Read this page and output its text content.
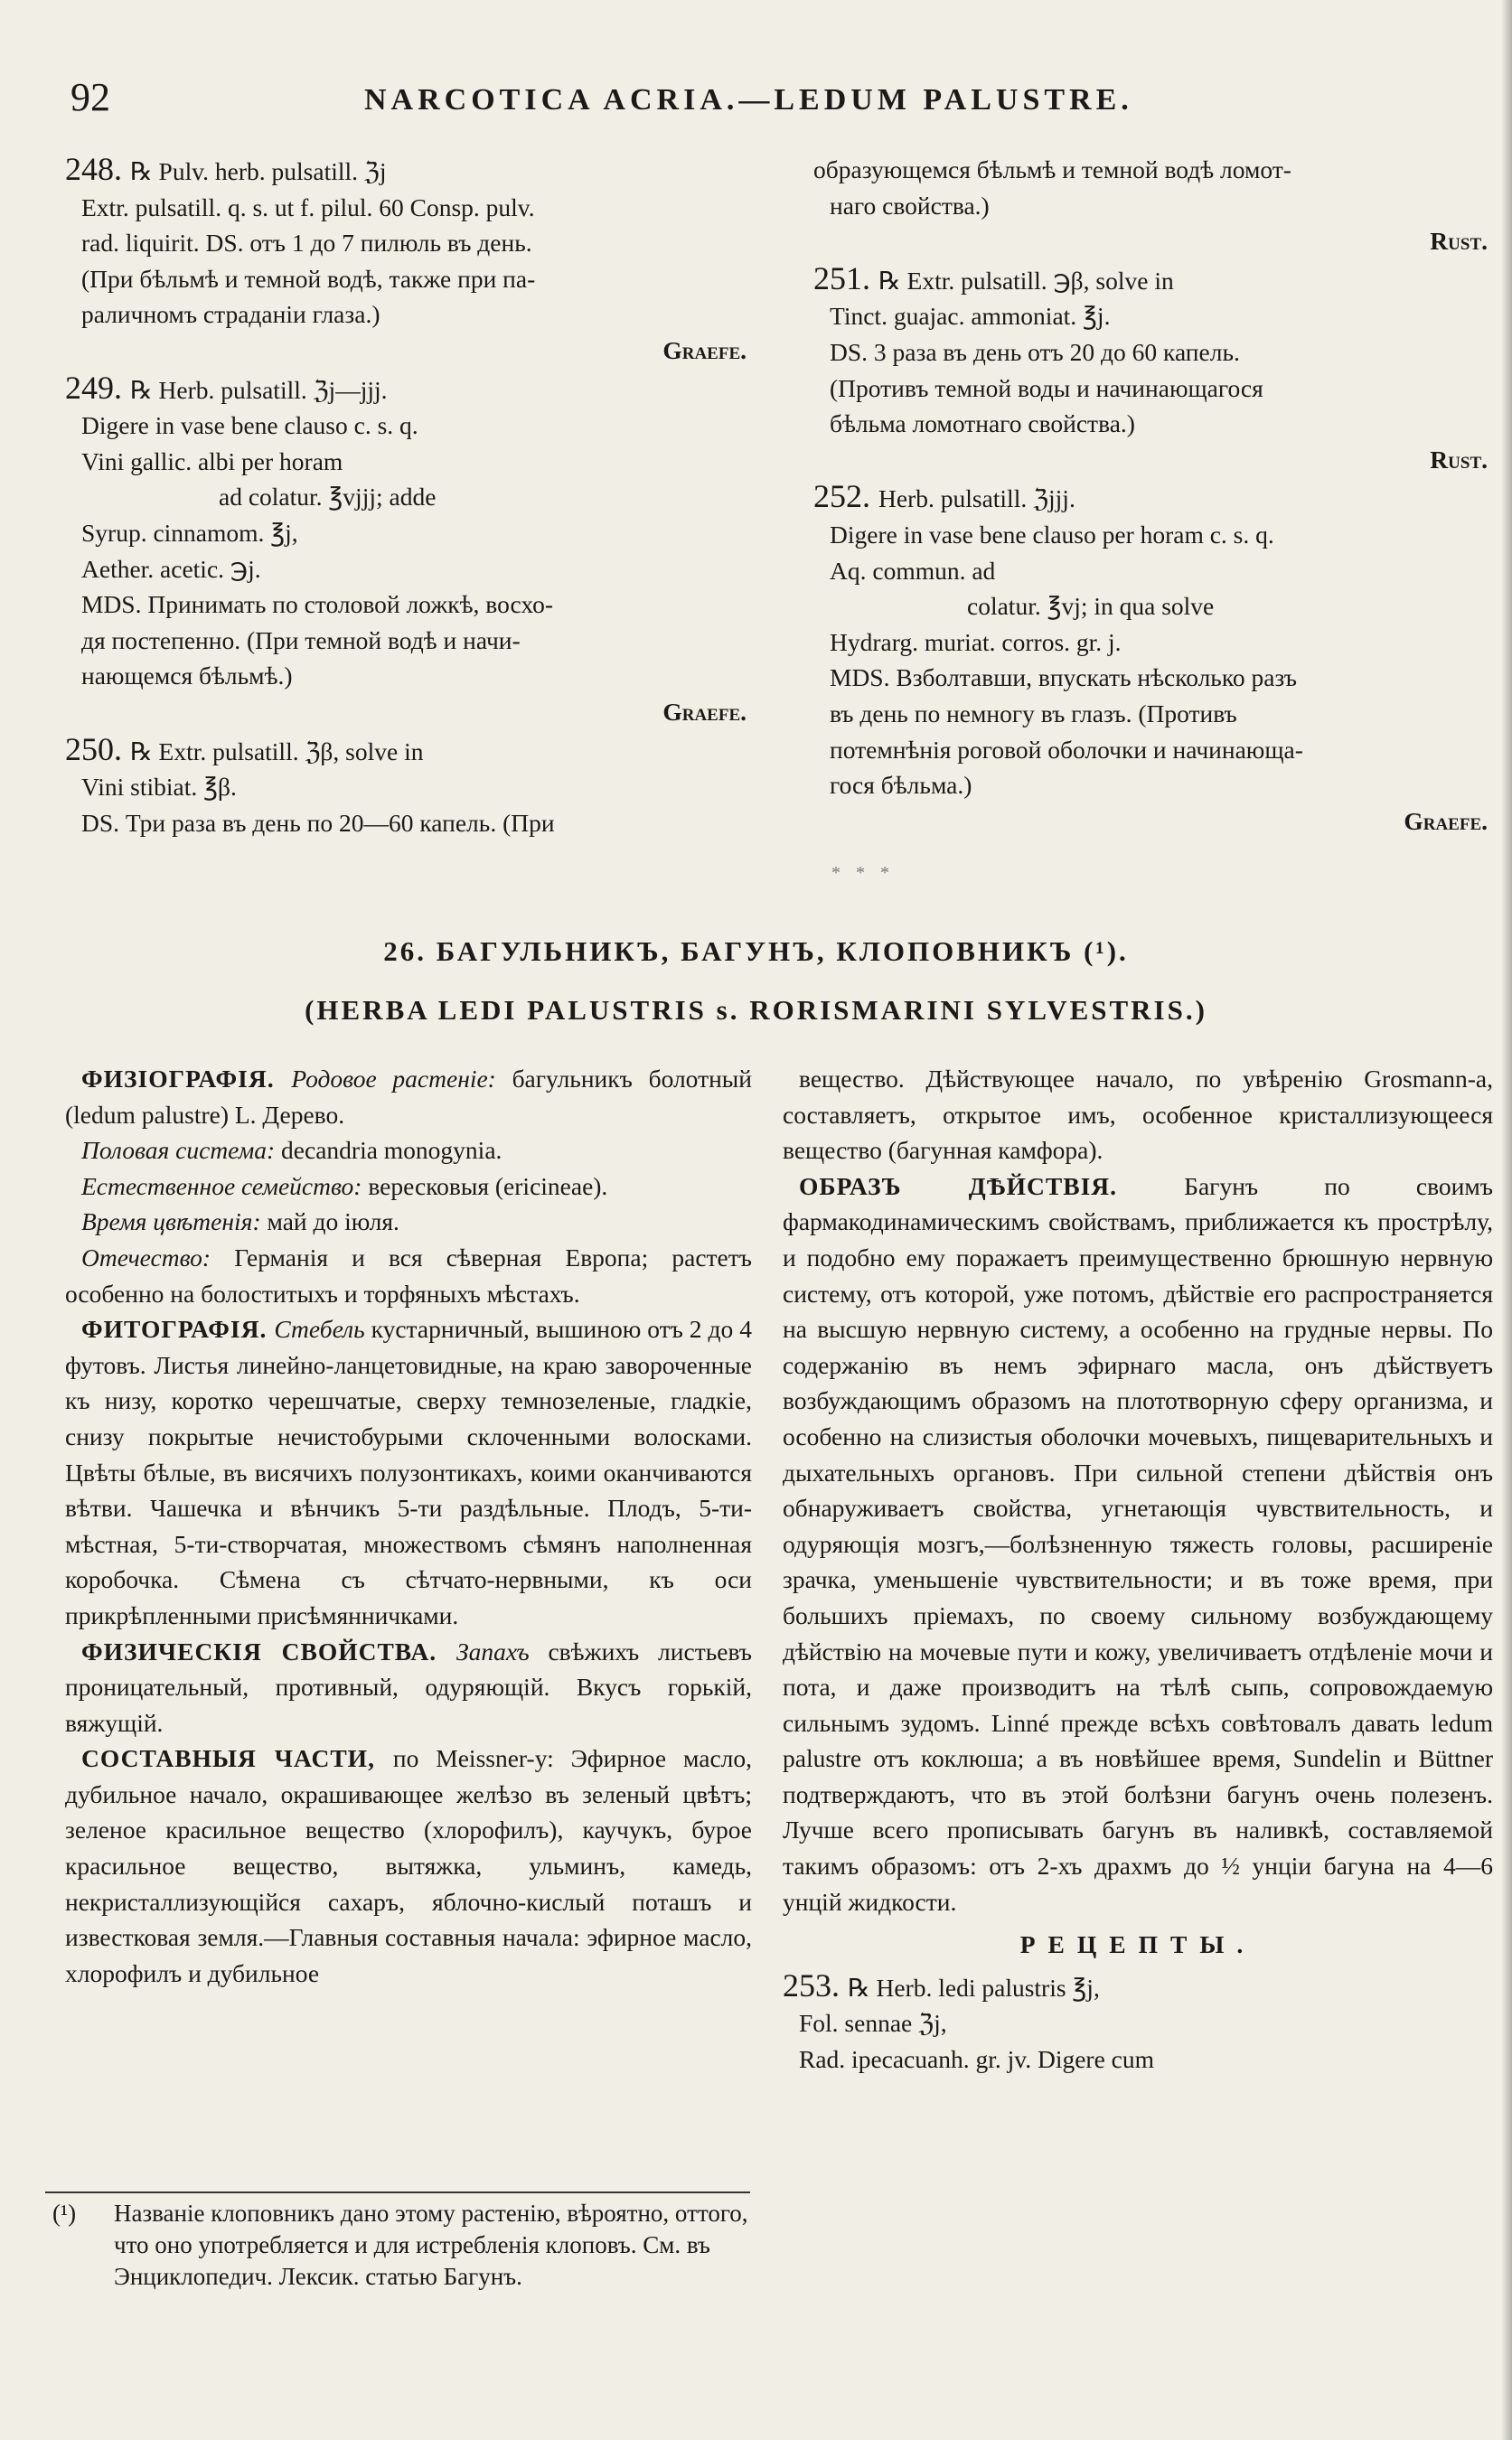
92	NARCOTICA ACRIA.—LEDUM PALUSTRE.
248. ℞ Pulv. herb. pulsatill. ℨj
Extr. pulsatill. q. s. ut f. pilul. 60 Consp. pulv.
rad. liquirit. DS. отъ 1 до 7 пилюль въ день.
(При бѣльмѣ и темной водѣ, также при па-
раличномъ страданіи глаза.)
Graefe.
249. ℞ Herb. pulsatill. ℨj—jjj.
Digere in vase bene clauso c. s. q.
Vini gallic. albi per horam
ad colatur. ℥vjjj; adde
Syrup. cinnamom. ℥j,
Aether. acetic. ℈j.
MDS. Принимать по столовой ложкѣ, восхо-
дя постепенно. (При темной водѣ и начи-
нающемся бѣльмѣ.)
Graefe.
250. ℞ Extr. pulsatill. ℨβ, solve in
Vini stibiat. ℥β.
DS. Три раза въ день по 20—60 капель. (При
образующемся бѣльмѣ и темной водѣ ломот-
наго свойства.)
Rust.
251. ℞ Extr. pulsatill. ℈β, solve in
Tinct. guajac. ammoniat. ℥j.
DS. 3 раза въ день отъ 20 до 60 капель.
(Противъ темной воды и начинающагося
бѣльма ломотнаго свойства.)
Rust.
252. Herb. pulsatill. ℨjjj.
Digere in vase bene clauso per horam c. s. q.
Aq. commun. ad
colatur. ℥vj; in qua solve
Hydrarg. muriat. corros. gr. j.
MDS. Взболтавши, впускать нѣсколько разъ
въ день по немногу въ глазъ. (Противъ
потемнѣнія роговой оболочки и начинающа-
гося бѣльма.)
Graefe.
* * *
26. БАГУЛЬНИКЪ, БАГУНЪ, КЛОПОВНИКЪ (¹).
(HERBA LEDI PALUSTRIS s. RORISMARINI SYLVESTRIS.)

ФИЗІОГРАФІЯ. Родовое растеніе: багульникъ болотный (ledum palustre) L. Дерево.

Половая система: decandria monogynia.

Естественное семейство: вересковыя (ericineae).

Время цвѣтенія: май до іюля.

Отечество: Германія и вся сѣверная Европа; растетъ особенно на болоститыхъ и торфяныхъ мѣстахъ.

ФИТОГРАФІЯ. Стебель кустарничный, вышиною отъ 2 до 4 футовъ. Листья линейно-ланцетовидные, на краю завороченные къ низу, коротко черешчатые, сверху темнозеленые, гладкіе, снизу покрытые нечистобурыми склоченными волосками. Цвѣты бѣлые, въ висячихъ полузонтикахъ, коими оканчиваются вѣтви. Чашечка и вѣнчикъ 5-ти раздѣльные. Плодъ, 5-ти-мѣстная, 5-ти-створчатая, множествомъ сѣмянъ наполненная коробочка. Сѣмена съ сѣтчато-нервными, къ оси прикрѣпленными присѣмянничками.

ФИЗИЧЕСКІЯ СВОЙСТВА. Запахъ свѣжихъ листьевъ проницательный, противный, одуряющій. Вкусъ горькій, вяжущій.

СОСТАВНЫЯ ЧАСТИ, по Meissner-у: Эфирное масло, дубильное начало, окрашивающее желѣзо въ зеленый цвѣтъ; зеленое красильное вещество (хлорофилъ), каучукъ, бурое красильное вещество, вытяжка, ульминъ, камедь, некристаллизующійся сахаръ, яблочно-кислый поташъ и известковая земля.—Главныя составныя начала: эфирное масло, хлорофилъ и дубильное

вещество. Дѣйствующее начало, по увѣренію Grosmann-а, составляетъ, открытое имъ, особенное кристаллизующееся вещество (багунная камфора).

ОБРАЗЪ ДѢЙСТВІЯ. Багунъ по своимъ фармакодинамическимъ свойствамъ, приближается къ прострѣлу, и подобно ему поражаетъ преимущественно брюшную нервную систему, отъ которой, уже потомъ, дѣйствіе его распространяется на высшую нервную систему, а особенно на грудные нервы. По содержанію въ немъ эфирнаго масла, онъ дѣйствуетъ возбуждающимъ образомъ на плототворную сферу организма, и особенно на слизистыя оболочки мочевыхъ, пищеварительныхъ и дыхательныхъ органовъ. При сильной степени дѣйствія онъ обнаруживаетъ свойства, угнетающія чувствительность, и одуряющія мозгъ,—болѣзненную тяжесть головы, расширеніе зрачка, уменьшеніе чувствительности; и въ тоже время, при большихъ пріемахъ, по своему сильному возбуждающему дѣйствію на мочевые пути и кожу, увеличиваетъ отдѣленіе мочи и пота, и даже производитъ на тѣлѣ сыпь, сопровождаемую сильнымъ зудомъ. Linné прежде всѣхъ совѣтовалъ давать ledum palustre отъ коклюша; а въ новѣйшее время, Sundelin и Büttner подтверждаютъ, что въ этой болѣзни багунъ очень полезенъ. Лучше всего прописывать багунъ въ наливкѣ, составляемой такимъ образомъ: отъ 2-хъ драхмъ до ½ унціи багуна на 4—6 унцій жидкости.

РЕЦЕПТЫ.

253. ℞ Herb. ledi palustris ℥j,
Fol. sennae ℨj,
Rad. ipecacuanh. gr. jv. Digere cum
(¹)	Названіе клоповникъ дано этому растенію, вѣроятно, оттого, что оно употребляется и для истребленія клоповъ. См. въ Энциклопедич. Лексик. статью Багунъ.
